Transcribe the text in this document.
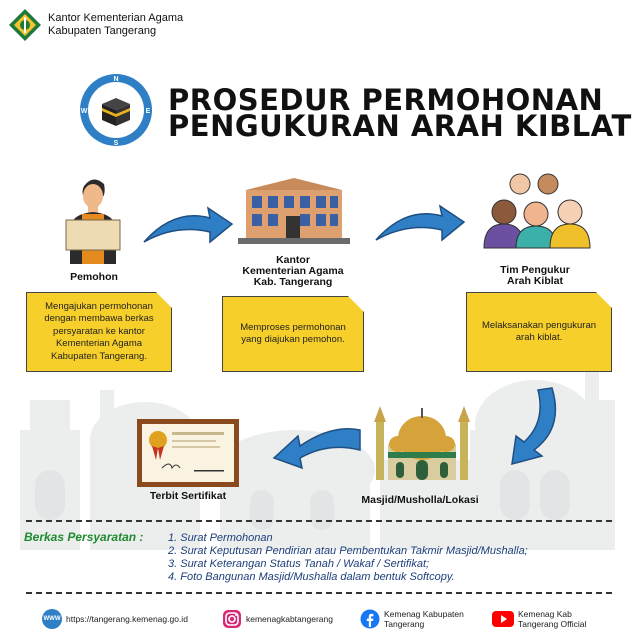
Kantor Kementerian Agama
Kabupaten Tangerang
N
S
W	E PROSEDUR PERMOHONAN
PENGUKURAN ARAH KIBLAT
Pemohon
Kantor
Kementerian Agama
Kab. Tangerang
Tim Pengukur
Arah Kiblat
Mengajukan permohonan dengan membawa berkas persyaratan ke kantor Kementerian Agama Kabupaten Tangerang.
Memproses permohonan yang diajukan pemohon.
Melaksanakan pengukuran arah kiblat.
Masjid/Musholla/Lokasi
Terbit Sertifikat
Berkas Persyaratan : 1. Surat Permohonan
2. Surat Keputusan Pendirian atau Pembentukan Takmir Masjid/Mushalla;
3. Surat Keterangan Status Tanah / Wakaf / Sertifikat;
4. Foto Bangunan Masjid/Mushalla dalam bentuk Softcopy.
WWW https://tangerang.kemenag.go.id	kemenagkabtangerang	Kemenag Kabupaten
Tangerang
Kemenag Kab
Tangerang Official
